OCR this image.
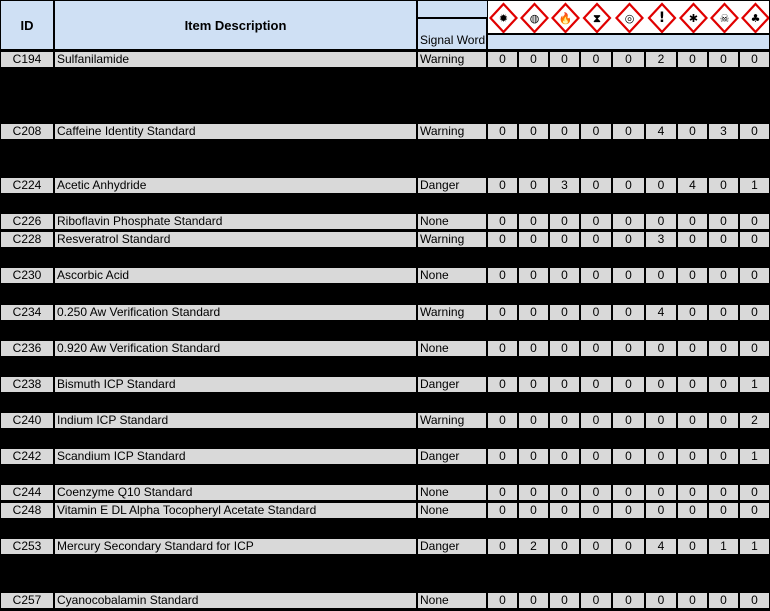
ID	Item Description
Signal Word
✹ ◍ 🔥 ⧗ ◎ ! ✱ ☠ ♣
C194	Sulfanilamide	Warning	0	0	0	0	0	2	0	0	0
C208	Caffeine Identity Standard	Warning	0	0	0	0	0	4	0	3	0
C224	Acetic Anhydride	Danger	0	0	3	0	0	0	4	0	1
C226	Riboflavin Phosphate Standard	None	0	0	0	0	0	0	0	0	0
C228	Resveratrol Standard	Warning	0	0	0	0	0	3	0	0	0
C230	Ascorbic Acid	None	0	0	0	0	0	0	0	0	0
C234	0.250 Aw Verification Standard	Warning	0	0	0	0	0	4	0	0	0
C236	0.920 Aw Verification Standard	None	0	0	0	0	0	0	0	0	0
C238	Bismuth ICP Standard	Danger	0	0	0	0	0	0	0	0	1
C240	Indium ICP Standard	Warning	0	0	0	0	0	0	0	0	2
C242	Scandium ICP Standard	Danger	0	0	0	0	0	0	0	0	1
C244	Coenzyme Q10 Standard	None	0	0	0	0	0	0	0	0	0
C248	Vitamin E DL Alpha Tocopheryl Acetate Standard	None	0	0	0	0	0	0	0	0	0
C253	Mercury Secondary Standard for ICP	Danger	0	2	0	0	0	4	0	1	1
C257	Cyanocobalamin Standard	None	0	0	0	0	0	0	0	0	0
